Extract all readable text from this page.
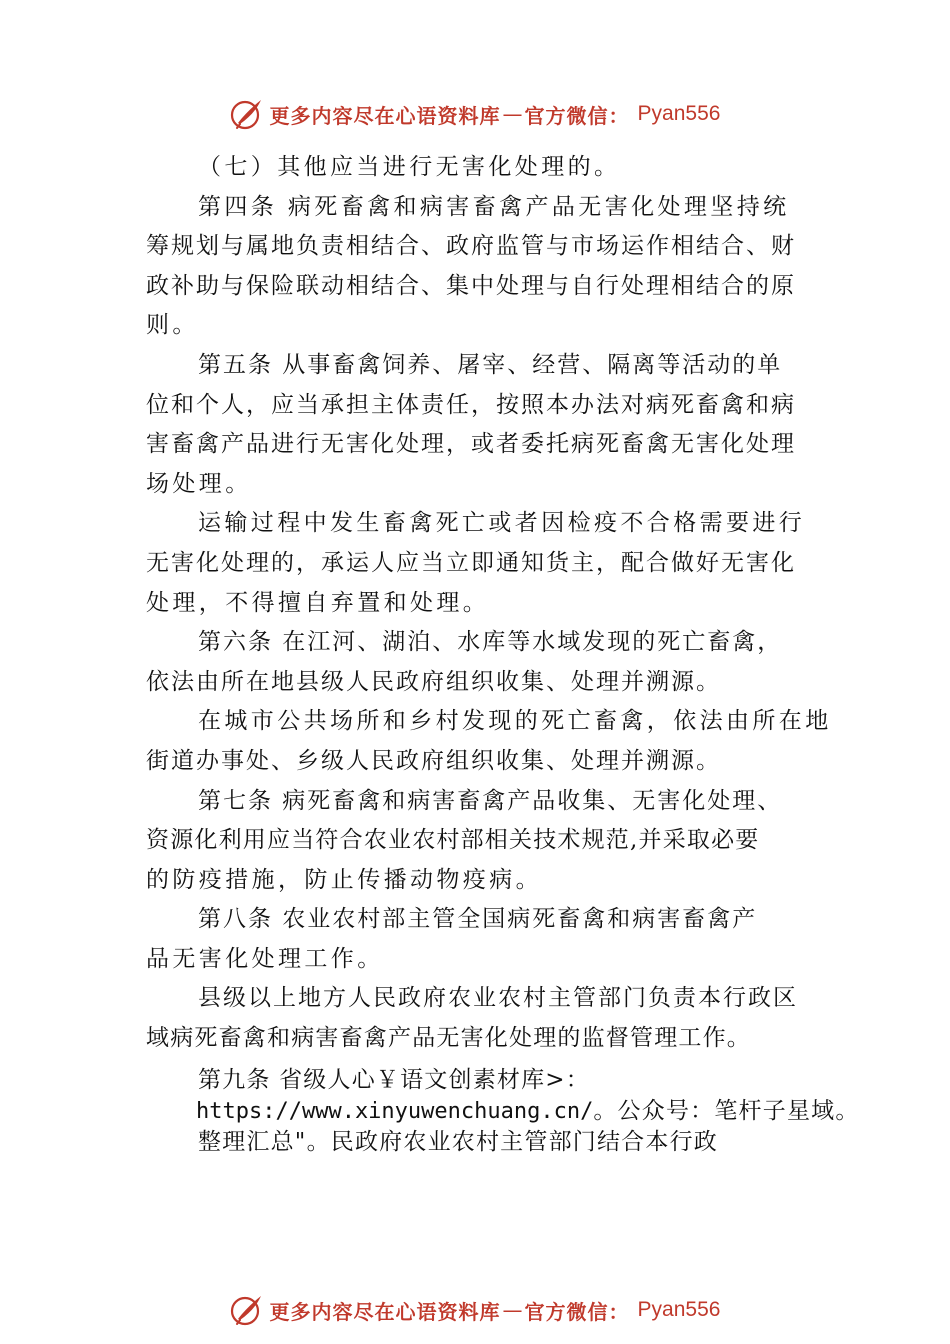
更多内容尽在心语资料库 — 官方微信： Pyan556
（七）其他应当进行无害化处理的。
第四条 病死畜禽和病害畜禽产品无害化处理坚持统
筹规划与属地负责相结合、政府监管与市场运作相结合、财
政补助与保险联动相结合、集中处理与自行处理相结合的原
则。
第五条 从事畜禽饲养、屠宰、经营、隔离等活动的单
位和个人，应当承担主体责任，按照本办法对病死畜禽和病
害畜禽产品进行无害化处理，或者委托病死畜禽无害化处理
场处理。
运输过程中发生畜禽死亡或者因检疫不合格需要进行
无害化处理的，承运人应当立即通知货主，配合做好无害化
处理，不得擅自弃置和处理。
第六条 在江河、湖泊、水库等水域发现的死亡畜禽，
依法由所在地县级人民政府组织收集、处理并溯源。
在城市公共场所和乡村发现的死亡畜禽，依法由所在地
街道办事处、乡级人民政府组织收集、处理并溯源。
第七条 病死畜禽和病害畜禽产品收集、无害化处理、
资源化利用应当符合农业农村部相关技术规范,并采取必要
的防疫措施，防止传播动物疫病。
第八条 农业农村部主管全国病死畜禽和病害畜禽产
品无害化处理工作。
县级以上地方人民政府农业农村主管部门负责本行政区
域病死畜禽和病害畜禽产品无害化处理的监督管理工作。
第九条 省级人心￥语文创素材库>：
https://www.xinyuwenchuang.cn/。公众号：笔杆子星域。
整理汇总"。民政府农业农村主管部门结合本行政
更多内容尽在心语资料库 — 官方微信： Pyan556
